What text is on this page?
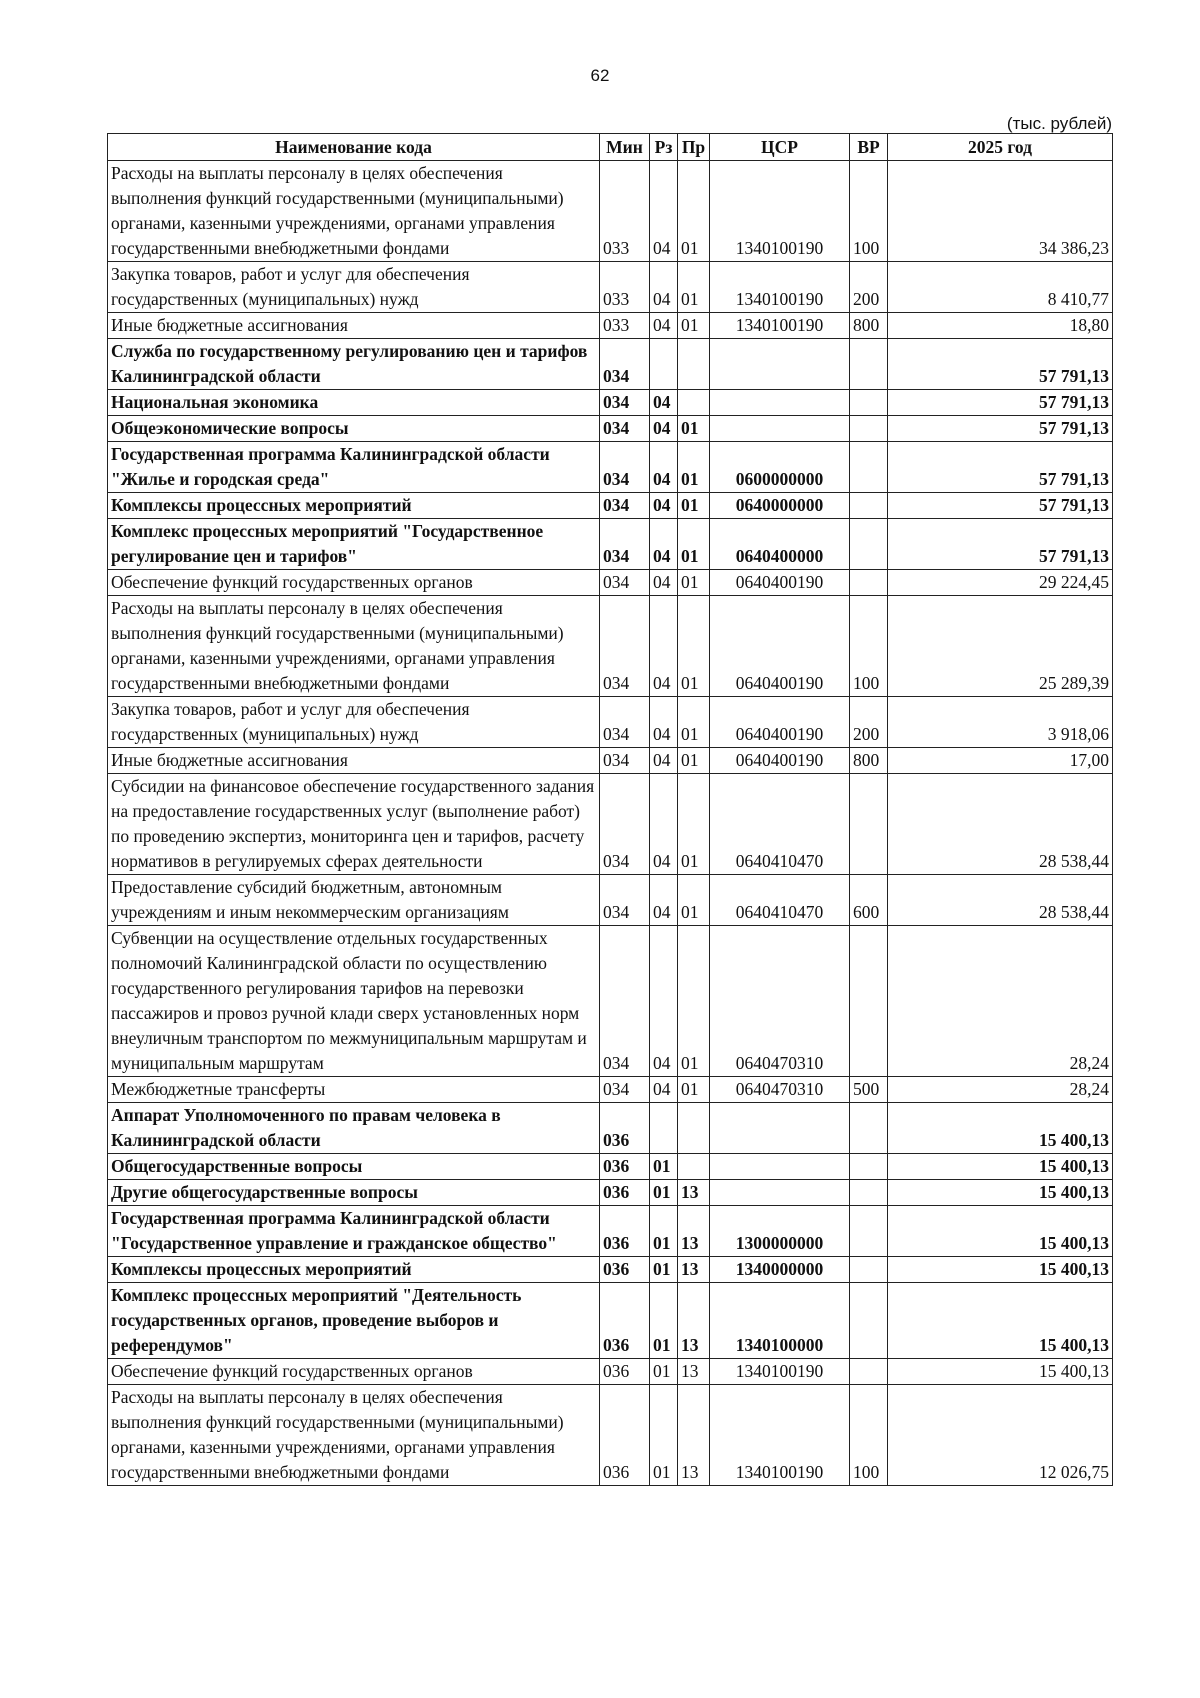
62
(тыс. рублей)
Наименование кода	Мин	Рз	Пр	ЦСР	ВР	2025 год
Расходы на выплаты персоналу в целях обеспечения выполнения функций государственными (муниципальными) органами, казенными учреждениями, органами управления государственными внебюджетными фондами	033	04	01	1340100190	100	34 386,23
Закупка товаров, работ и услуг для обеспечения государственных (муниципальных) нужд	033	04	01	1340100190	200	8 410,77
Иные бюджетные ассигнования	033	04	01	1340100190	800	18,80
Служба по государственному регулированию цен и тарифов Калининградской области	034					57 791,13
Национальная экономика	034	04				57 791,13
Общеэкономические вопросы	034	04	01			57 791,13
Государственная программа Калининградской области "Жилье и городская среда"	034	04	01	0600000000		57 791,13
Комплексы процессных мероприятий	034	04	01	0640000000		57 791,13
Комплекс процессных мероприятий "Государственное регулирование цен и тарифов"	034	04	01	0640400000		57 791,13
Обеспечение функций государственных органов	034	04	01	0640400190		29 224,45
Расходы на выплаты персоналу в целях обеспечения выполнения функций государственными (муниципальными) органами, казенными учреждениями, органами управления государственными внебюджетными фондами	034	04	01	0640400190	100	25 289,39
Закупка товаров, работ и услуг для обеспечения государственных (муниципальных) нужд	034	04	01	0640400190	200	3 918,06
Иные бюджетные ассигнования	034	04	01	0640400190	800	17,00
Субсидии на финансовое обеспечение государственного задания на предоставление государственных услуг (выполнение работ) по проведению экспертиз, мониторинга цен и тарифов, расчету нормативов в регулируемых сферах деятельности	034	04	01	0640410470		28 538,44
Предоставление субсидий бюджетным, автономным учреждениям и иным некоммерческим организациям	034	04	01	0640410470	600	28 538,44
Субвенции на осуществление отдельных государственных полномочий Калининградской области по осуществлению государственного регулирования тарифов на перевозки пассажиров и провоз ручной клади сверх установленных норм внеуличным транспортом по межмуниципальным маршрутам и муниципальным маршрутам	034	04	01	0640470310		28,24
Межбюджетные трансферты	034	04	01	0640470310	500	28,24
Аппарат Уполномоченного по правам человека в Калининградской области	036					15 400,13
Общегосударственные вопросы	036	01				15 400,13
Другие общегосударственные вопросы	036	01	13			15 400,13
Государственная программа Калининградской области "Государственное управление и гражданское общество"	036	01	13	1300000000		15 400,13
Комплексы процессных мероприятий	036	01	13	1340000000		15 400,13
Комплекс процессных мероприятий "Деятельность государственных органов, проведение выборов и референдумов"	036	01	13	1340100000		15 400,13
Обеспечение функций государственных органов	036	01	13	1340100190		15 400,13
Расходы на выплаты персоналу в целях обеспечения выполнения функций государственными (муниципальными) органами, казенными учреждениями, органами управления государственными внебюджетными фондами	036	01	13	1340100190	100	12 026,75
